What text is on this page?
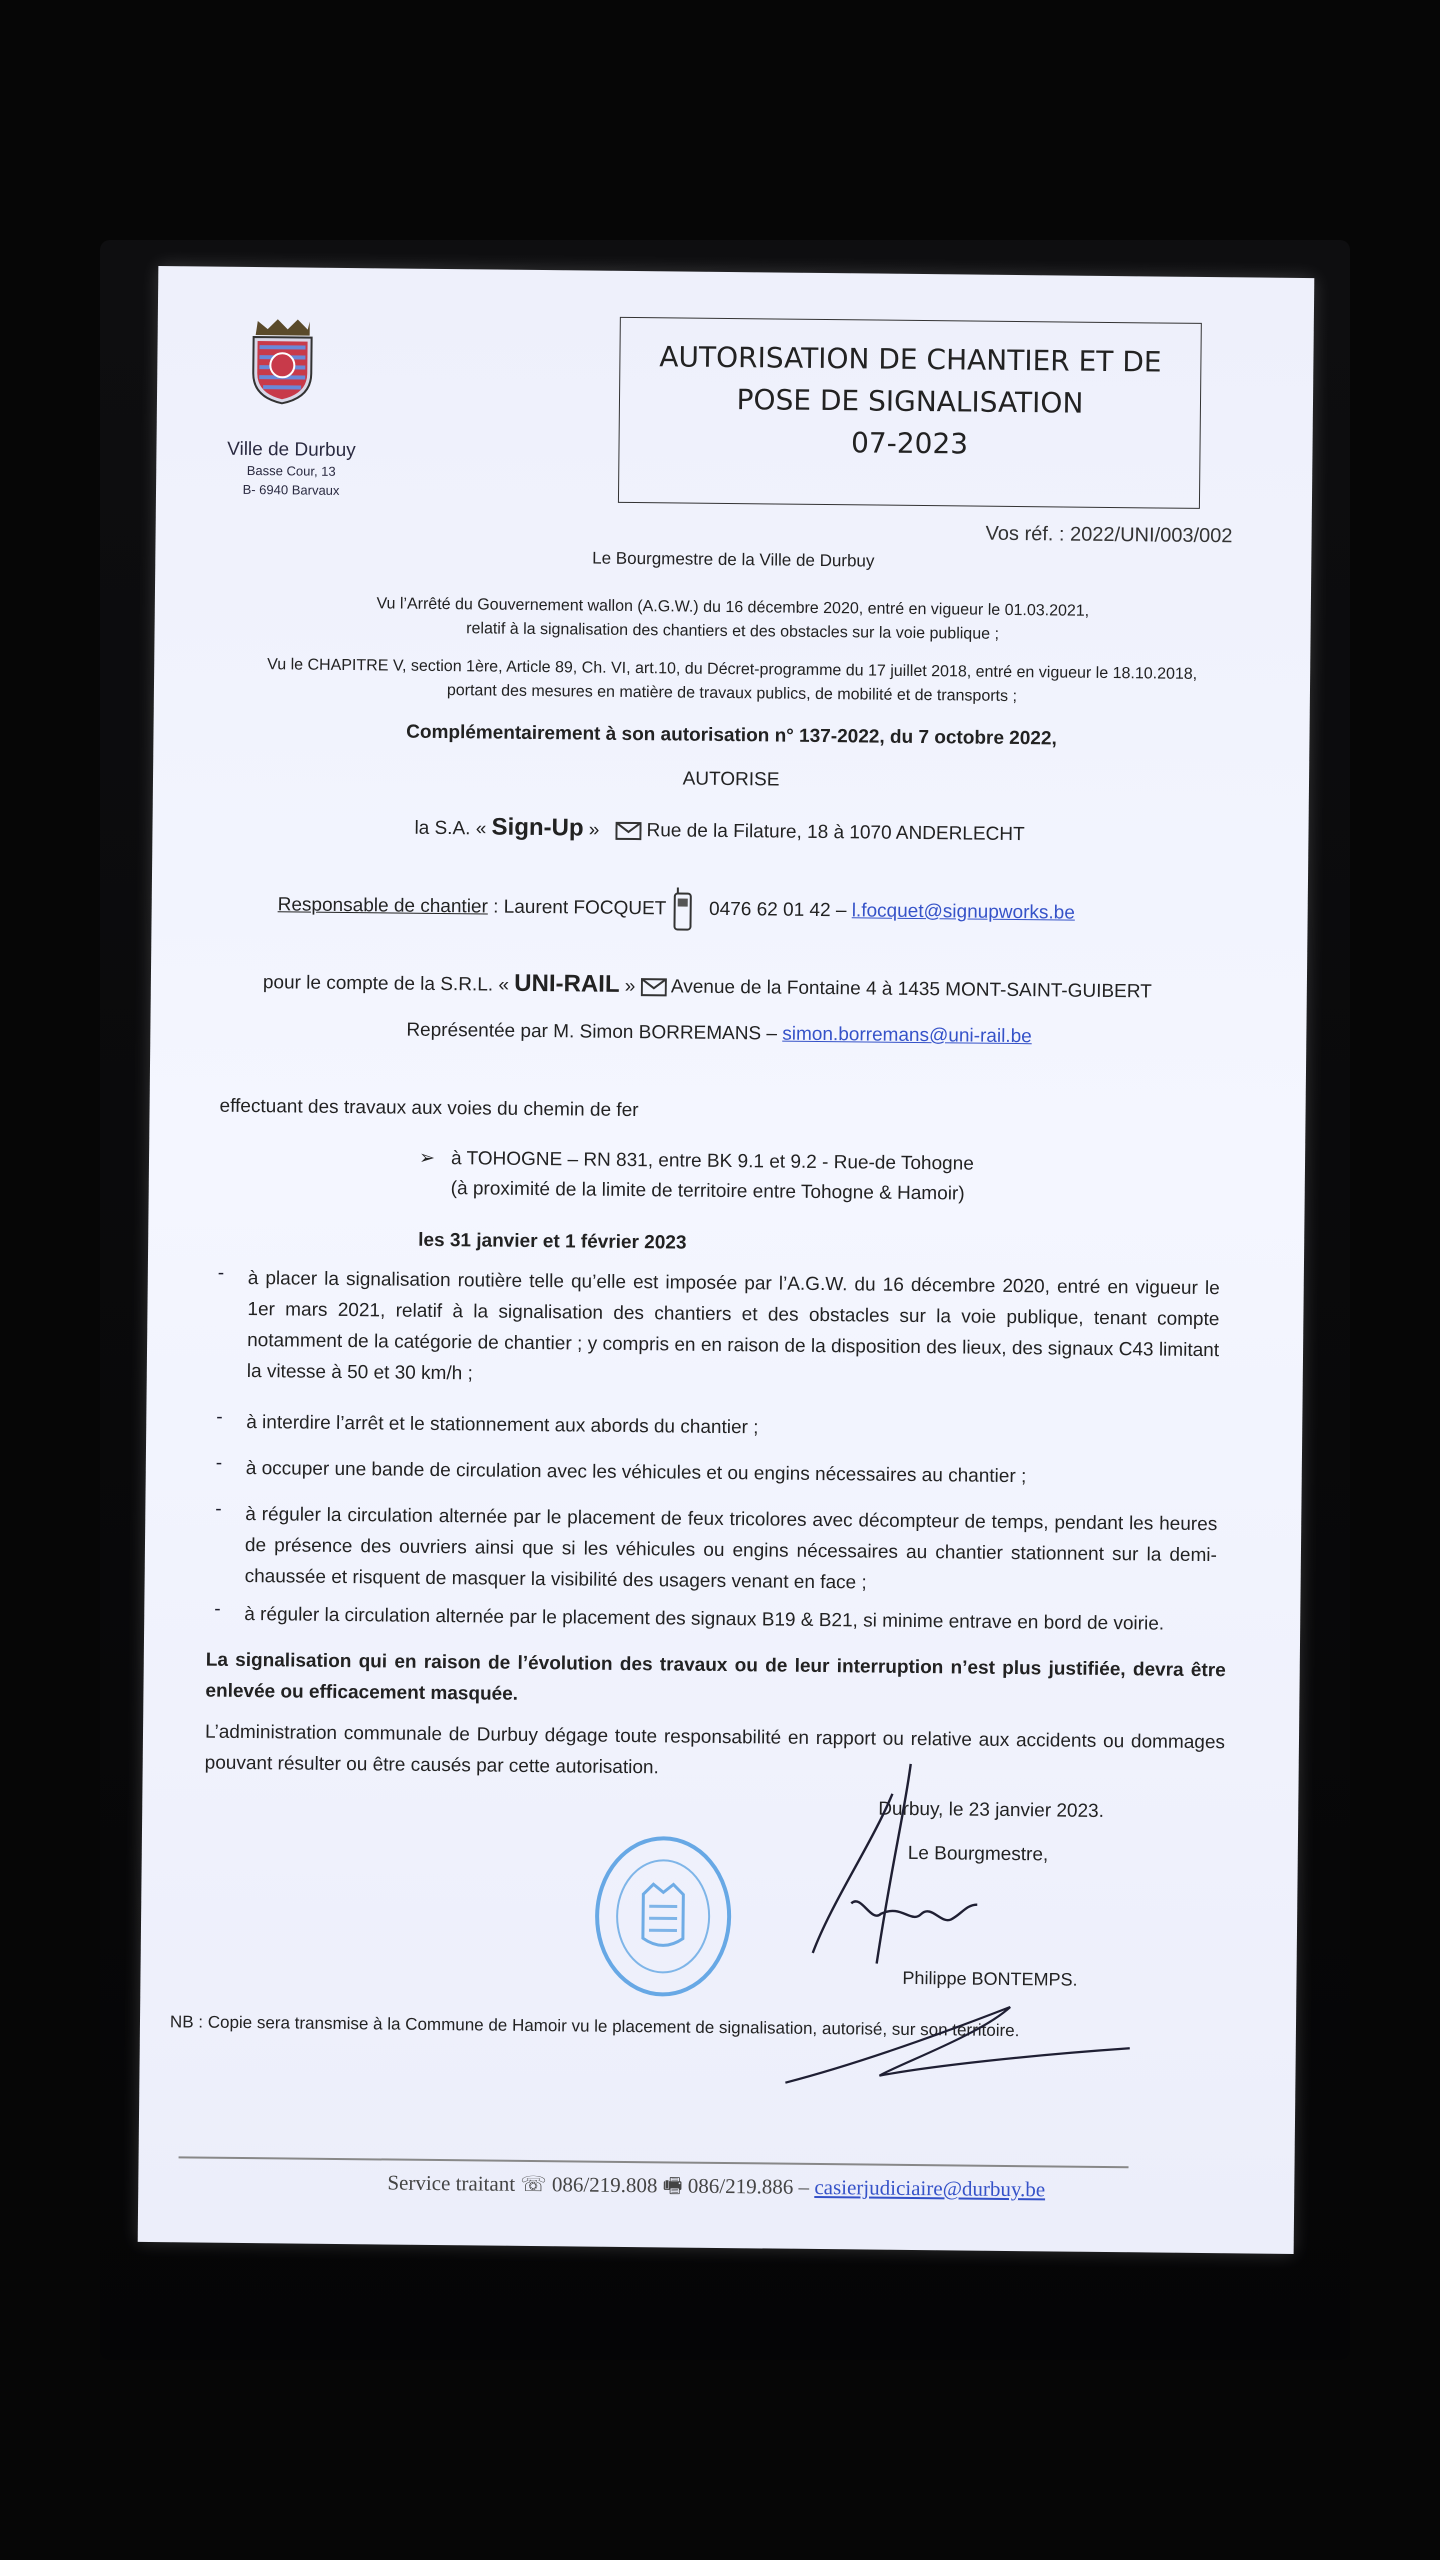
Ville de Durbuy
Basse Cour, 13
B- 6940 Barvaux
AUTORISATION DE CHANTIER ET DE
POSE DE SIGNALISATION
07-2023
Vos réf. : 2022/UNI/003/002
Le Bourgmestre de la Ville de Durbuy
Vu l’Arrêté du Gouvernement wallon (A.G.W.) du 16 décembre 2020, entré en vigueur le 01.03.2021,
relatif à la signalisation des chantiers et des obstacles sur la voie publique ;
Vu le CHAPITRE V, section 1ère, Article 89, Ch. VI, art.10, du Décret-programme du 17 juillet 2018, entré en vigueur le 18.10.2018,
portant des mesures en matière de travaux publics, de mobilité et de transports ;
Complémentairement à son autorisation n° 137-2022, du 7 octobre 2022,
AUTORISE
la S.A. « Sign-Up » Rue de la Filature, 18 à 1070 ANDERLECHT
Responsable de chantier : Laurent FOCQUET 0476 62 01 42 – l.focquet@signupworks.be
pour le compte de la S.R.L. « UNI-RAIL » Avenue de la Fontaine 4 à 1435 MONT-SAINT-GUIBERT
Représentée par M. Simon BORREMANS – simon.borremans@uni-rail.be
effectuant des travaux aux voies du chemin de fer
➢ à TOHOGNE – RN 831, entre BK 9.1 et 9.2 - Rue-de Tohogne
(à proximité de la limite de territoire entre Tohogne & Hamoir)
les 31 janvier et 1 février 2023
- à placer la signalisation routière telle qu’elle est imposée par l’A.G.W. du 16 décembre 2020, entré en vigueur le 1er mars 2021, relatif à la signalisation des chantiers et des obstacles sur la voie publique, tenant compte notamment de la catégorie de chantier ; y compris en en raison de la disposition des lieux, des signaux C43 limitant la vitesse à 50 et 30 km/h ;
- à interdire l’arrêt et le stationnement aux abords du chantier ;
- à occuper une bande de circulation avec les véhicules et ou engins nécessaires au chantier ;
- à réguler la circulation alternée par le placement de feux tricolores avec décompteur de temps, pendant les heures de présence des ouvriers ainsi que si les véhicules ou engins nécessaires au chantier stationnent sur la demi-chaussée et risquent de masquer la visibilité des usagers venant en face ;
- à réguler la circulation alternée par le placement des signaux B19 & B21, si minime entrave en bord de voirie.
La signalisation qui en raison de l’évolution des travaux ou de leur interruption n’est plus justifiée, devra être enlevée ou efficacement masquée.
L’administration communale de Durbuy dégage toute responsabilité en rapport ou relative aux accidents ou dommages pouvant résulter ou être causés par cette autorisation.
Durbuy, le 23 janvier 2023.
Le Bourgmestre,
Philippe BONTEMPS.
NB : Copie sera transmise à la Commune de Hamoir vu le placement de signalisation, autorisé, sur son territoire.
Service traitant ☏ 086/219.808 🖷 086/219.886 – casierjudiciaire@durbuy.be
